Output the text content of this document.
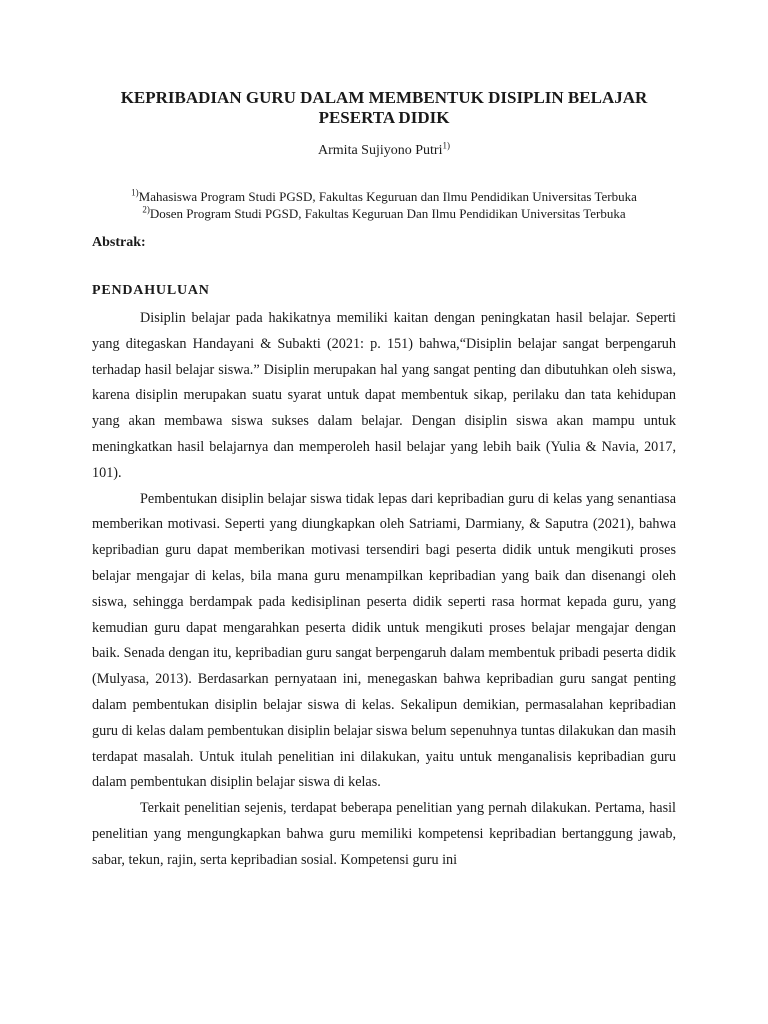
KEPRIBADIAN GURU DALAM MEMBENTUK DISIPLIN BELAJAR PESERTA DIDIK

Armita Sujiyono Putri$^{1)}$

$^{1)}$Mahasiswa Program Studi PGSD, Fakultas Keguruan dan Ilmu Pendidikan Universitas Terbuka

$^{2)}$Dosen Program Studi PGSD, Fakultas Keguruan Dan Ilmu Pendidikan Universitas Terbuka

Abstrak:

PENDAHULUAN

Disiplin belajar pada hakikatnya memiliki kaitan dengan peningkatan hasil belajar. Seperti yang ditegaskan Handayani & Subakti (2021: p. 151) bahwa,“Disiplin belajar sangat berpengaruh terhadap hasil belajar siswa.” Disiplin merupakan hal yang sangat penting dan dibutuhkan oleh siswa, karena disiplin merupakan suatu syarat untuk dapat membentuk sikap, perilaku dan tata kehidupan yang akan membawa siswa sukses dalam belajar. Dengan disiplin siswa akan mampu untuk meningkatkan hasil belajarnya dan memperoleh hasil belajar yang lebih baik (Yulia & Navia, 2017, 101).

Pembentukan disiplin belajar siswa tidak lepas dari kepribadian guru di kelas yang senantiasa memberikan motivasi. Seperti yang diungkapkan oleh Satriami, Darmiany, & Saputra (2021), bahwa kepribadian guru dapat memberikan motivasi tersendiri bagi peserta didik untuk mengikuti proses belajar mengajar di kelas, bila mana guru menampilkan kepribadian yang baik dan disenangi oleh siswa, sehingga berdampak pada kedisiplinan peserta didik seperti rasa hormat kepada guru, yang kemudian guru dapat mengarahkan peserta didik untuk mengikuti proses belajar mengajar dengan baik. Senada dengan itu, kepribadian guru sangat berpengaruh dalam membentuk pribadi peserta didik (Mulyasa, 2013). Berdasarkan pernyataan ini, menegaskan bahwa kepribadian guru sangat penting dalam pembentukan disiplin belajar siswa di kelas. Sekalipun demikian, permasalahan kepribadian guru di kelas dalam pembentukan disiplin belajar siswa belum sepenuhnya tuntas dilakukan dan masih terdapat masalah. Untuk itulah penelitian ini dilakukan, yaitu untuk menganalisis kepribadian guru dalam pembentukan disiplin belajar siswa di kelas.

Terkait penelitian sejenis, terdapat beberapa penelitian yang pernah dilakukan. Pertama, hasil penelitian yang mengungkapkan bahwa guru memiliki kompetensi kepribadian bertanggung jawab, sabar, tekun, rajin, serta kepribadian sosial. Kompetensi guru ini
